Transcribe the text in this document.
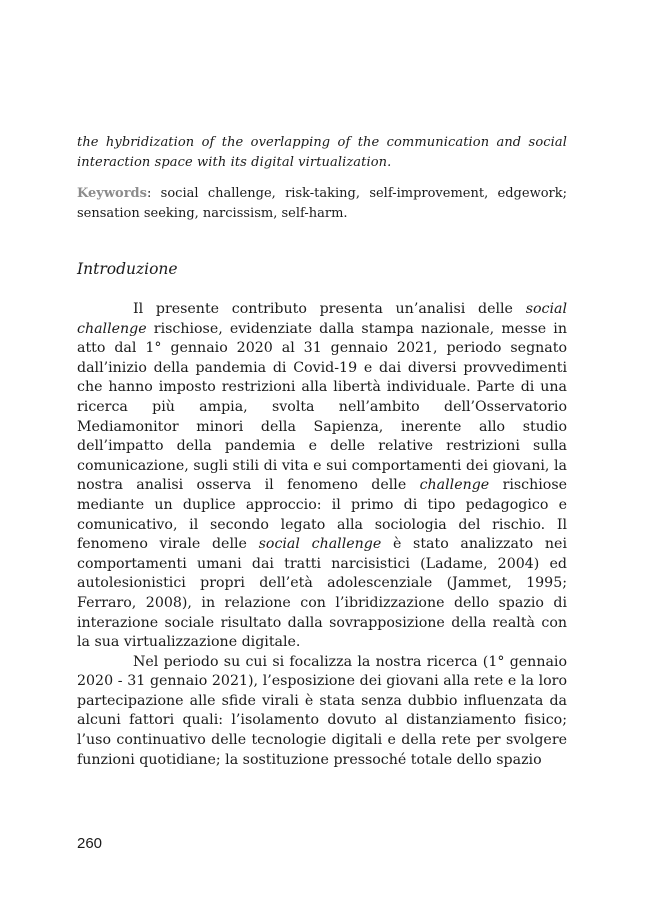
the hybridization of the overlapping of the communication and social interaction space with its digital virtualization.
Keywords: social challenge, risk-taking, self-improvement, edgework; sensation seeking, narcissism, self-harm.
Introduzione

Il presente contributo presenta un’analisi delle social challenge rischiose, evidenziate dalla stampa nazionale, messe in atto dal 1° gennaio 2020 al 31 gennaio 2021, periodo segnato dall’inizio della pandemia di Covid-19 e dai diversi provvedimenti che hanno imposto restrizioni alla libertà individuale. Parte di una ricerca più ampia, svolta nell’ambito dell’Osservatorio Mediamonitor minori della Sapienza, inerente allo studio dell’impatto della pandemia e delle relative restrizioni sulla comunicazione, sugli stili di vita e sui comportamenti dei giovani, la nostra analisi osserva il fenomeno delle challenge rischiose mediante un duplice approccio: il primo di tipo pedagogico e comunicativo, il secondo legato alla sociologia del rischio. Il fenomeno virale delle social challenge è stato analizzato nei comportamenti umani dai tratti narcisistici (Ladame, 2004) ed autolesionistici propri dell’età adolescenziale (Jammet, 1995; Ferraro, 2008), in relazione con l’ibridizzazione dello spazio di interazione sociale risultato dalla sovrapposizione della realtà con la sua virtualizzazione digitale.

Nel periodo su cui si focalizza la nostra ricerca (1° gennaio 2020 - 31 gennaio 2021), l’esposizione dei giovani alla rete e la loro partecipazione alle sfide virali è stata senza dubbio influenzata da alcuni fattori quali: l’isolamento dovuto al distanziamento fisico; l’uso continuativo delle tecnologie digitali e della rete per svolgere funzioni quotidiane; la sostituzione pressoché totale dello spazio

260
